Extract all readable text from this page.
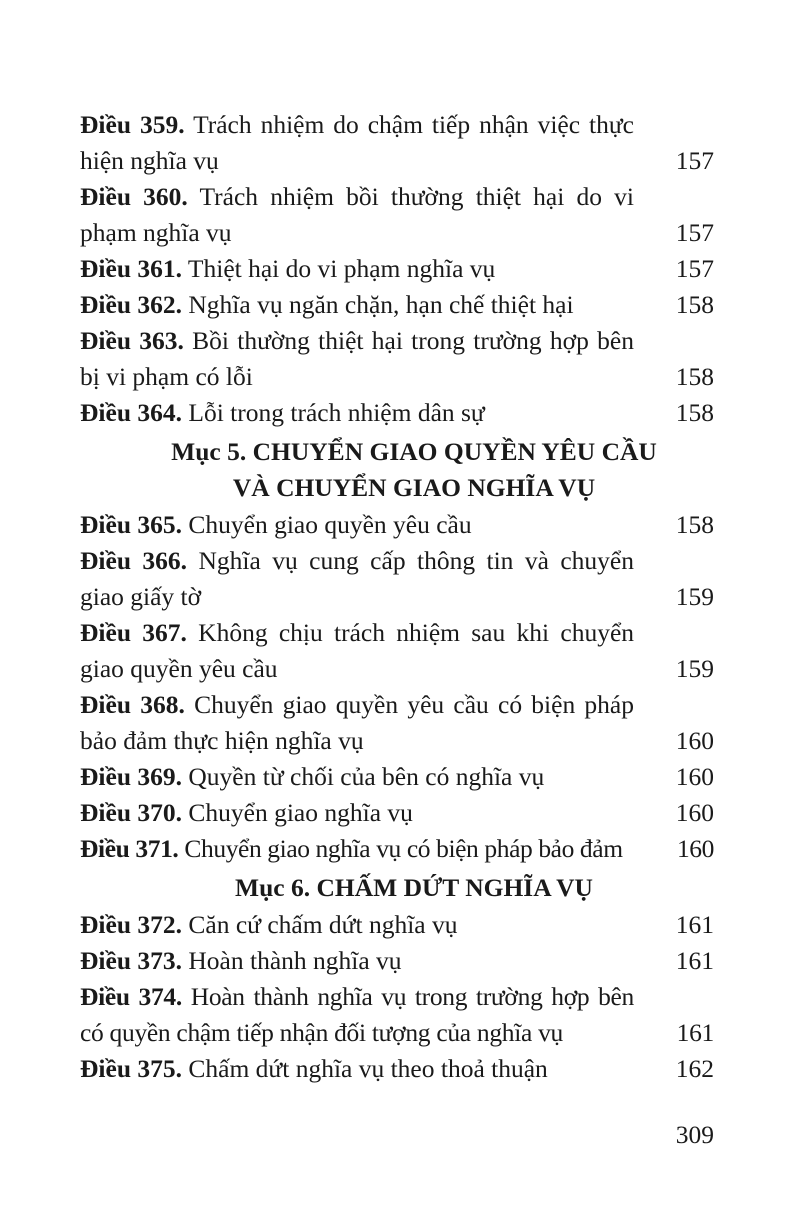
Điều 359. Trách nhiệm do chậm tiếp nhận việc thực hiện nghĩa vụ	157
Điều 360. Trách nhiệm bồi thường thiệt hại do vi phạm nghĩa vụ	157
Điều 361. Thiệt hại do vi phạm nghĩa vụ	157
Điều 362. Nghĩa vụ ngăn chặn, hạn chế thiệt hại	158
Điều 363. Bồi thường thiệt hại trong trường hợp bên bị vi phạm có lỗi	158
Điều 364. Lỗi trong trách nhiệm dân sự	158
Mục 5. CHUYỂN GIAO QUYỀN YÊU CẦU
VÀ CHUYỂN GIAO NGHĨA VỤ
Điều 365. Chuyển giao quyền yêu cầu	158
Điều 366. Nghĩa vụ cung cấp thông tin và chuyển giao giấy tờ	159
Điều 367. Không chịu trách nhiệm sau khi chuyển giao quyền yêu cầu	159
Điều 368. Chuyển giao quyền yêu cầu có biện pháp bảo đảm thực hiện nghĩa vụ	160
Điều 369. Quyền từ chối của bên có nghĩa vụ	160
Điều 370. Chuyển giao nghĩa vụ	160
Điều 371. Chuyển giao nghĩa vụ có biện pháp bảo đảm 160
Mục 6. CHẤM DỨT NGHĨA VỤ
Điều 372. Căn cứ chấm dứt nghĩa vụ	161
Điều 373. Hoàn thành nghĩa vụ	161
Điều 374. Hoàn thành nghĩa vụ trong trường hợp bên có quyền chậm tiếp nhận đối tượng của nghĩa vụ	161
Điều 375. Chấm dứt nghĩa vụ theo thoả thuận	162
309
